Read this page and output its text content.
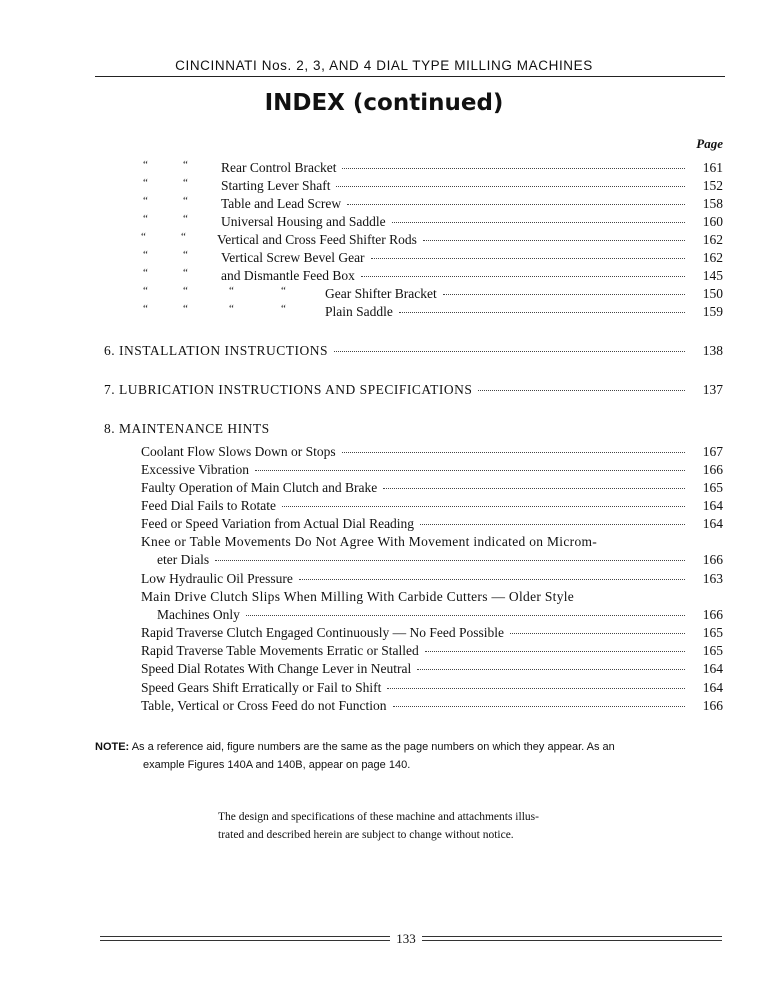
CINCINNATI Nos. 2, 3, AND 4 DIAL TYPE MILLING MACHINES
INDEX (continued)
Page
“	“ Rear Control Bracket	161
“	“ Starting Lever Shaft	152
“	“ Table and Lead Screw	158
“	“ Universal Housing and Saddle	160
“	“ Vertical and Cross Feed Shifter Rods	162
“	“ Vertical Screw Bevel Gear	162
“	“ and Dismantle Feed Box	145
“	“	“	“	Gear Shifter Bracket	150
“	“	“	“	Plain Saddle	159
6. INSTALLATION INSTRUCTIONS	138
7. LUBRICATION INSTRUCTIONS AND SPECIFICATIONS	137
8. MAINTENANCE HINTS
Coolant Flow Slows Down or Stops	167
Excessive Vibration	166
Faulty Operation of Main Clutch and Brake	165
Feed Dial Fails to Rotate	164
Feed or Speed Variation from Actual Dial Reading	164
Knee or Table Movements Do Not Agree With Movement indicated on Microm-
eter Dials	166
Low Hydraulic Oil Pressure	163
Main Drive Clutch Slips When Milling With Carbide Cutters — Older Style
Machines Only	166
Rapid Traverse Clutch Engaged Continuously — No Feed Possible	165
Rapid Traverse Table Movements Erratic or Stalled	165
Speed Dial Rotates With Change Lever in Neutral	164
Speed Gears Shift Erratically or Fail to Shift	164
Table, Vertical or Cross Feed do not Function	166
NOTE: As a reference aid, figure numbers are the same as the page numbers on which they appear. As an
example Figures 140A and 140B, appear on page 140.
The design and specifications of these machine and attachments illus-
trated and described herein are subject to change without notice.
133
